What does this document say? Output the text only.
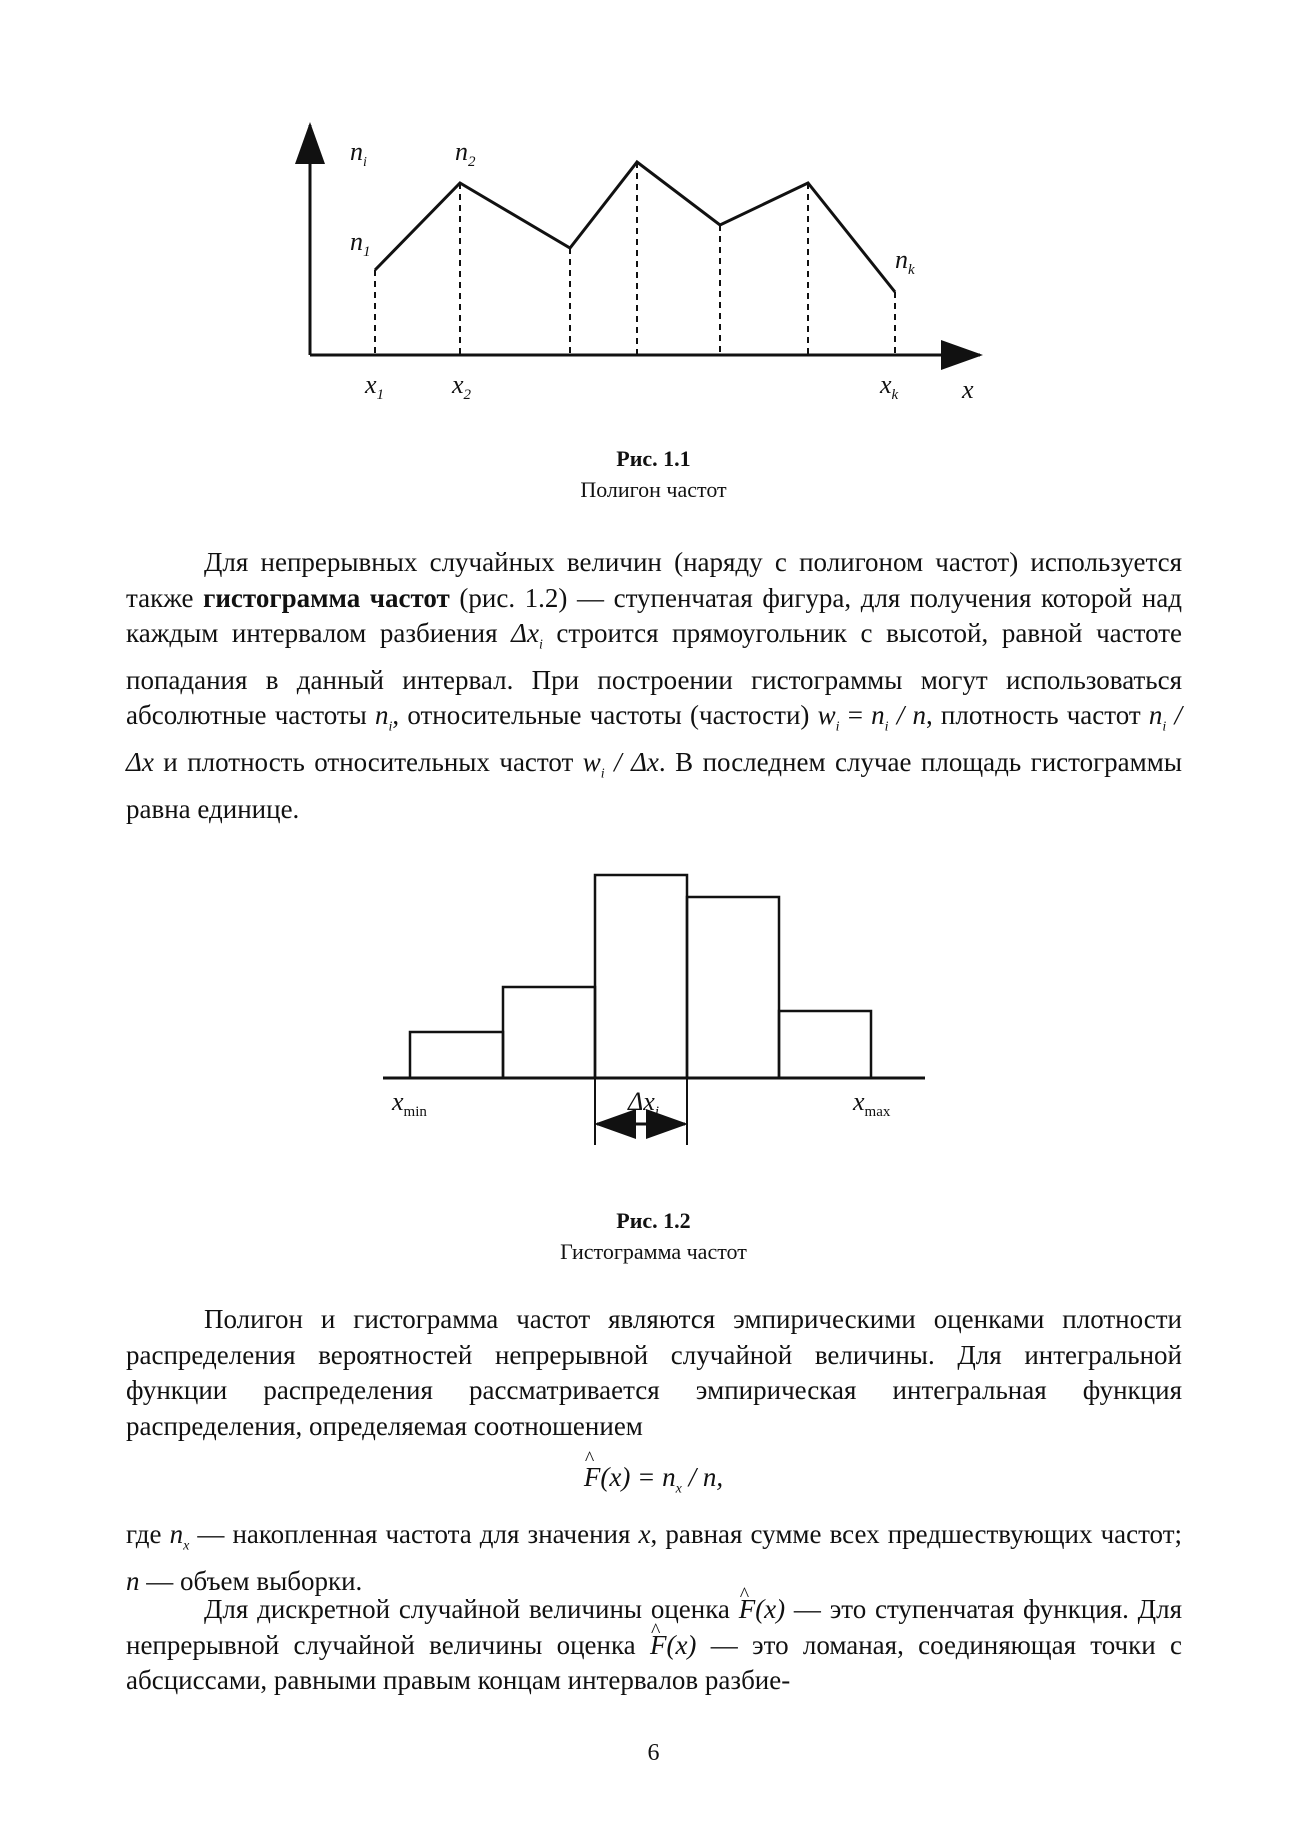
$n_i$	$n_2$
$n_1$	$n_k$
$x_1$	$x_2$	$x_k$ x
$x_{min}$	$\Delta x_i$	$x_{max}$
Рис. 1.1
Полигон частот

Для непрерывных случайных величин (наряду с полигоном частот) используется также гистограмма частот (рис. 1.2) — ступенчатая фигура, для получения которой над каждым интервалом разбиения $\Delta x_i$ строится прямоугольник с высотой, равной частоте попадания в данный интервал. При построении гистограммы могут использоваться абсолютные частоты $n_i$, относительные частоты (частости) $w_i = n_i / n$, плотность частот $n_i$ / Δx и плотность относительных частот $w_i$ / Δx. В последнем случае площадь гистограммы равна единице.

Рис. 1.2
Гистограмма частот

Полигон и гистограмма частот являются эмпирическими оценками плотности распределения вероятностей непрерывной случайной величины. Для интегральной функции распределения рассматривается эмпирическая интегральная функция распределения, определяемая соотношением

^ $F(x) = n_x / n$,

где $n_x$ — накопленная частота для значения x, равная сумме всех предшествующих частот; n — объем выборки.

Для дискретной случайной величины оценка ^ F(x) — это ступенчатая функция. Для непрерывной случайной величины оценка ^ F(x) — это ломаная, соединяющая точки с абсциссами, равными правым концам интервалов разбие-

6
